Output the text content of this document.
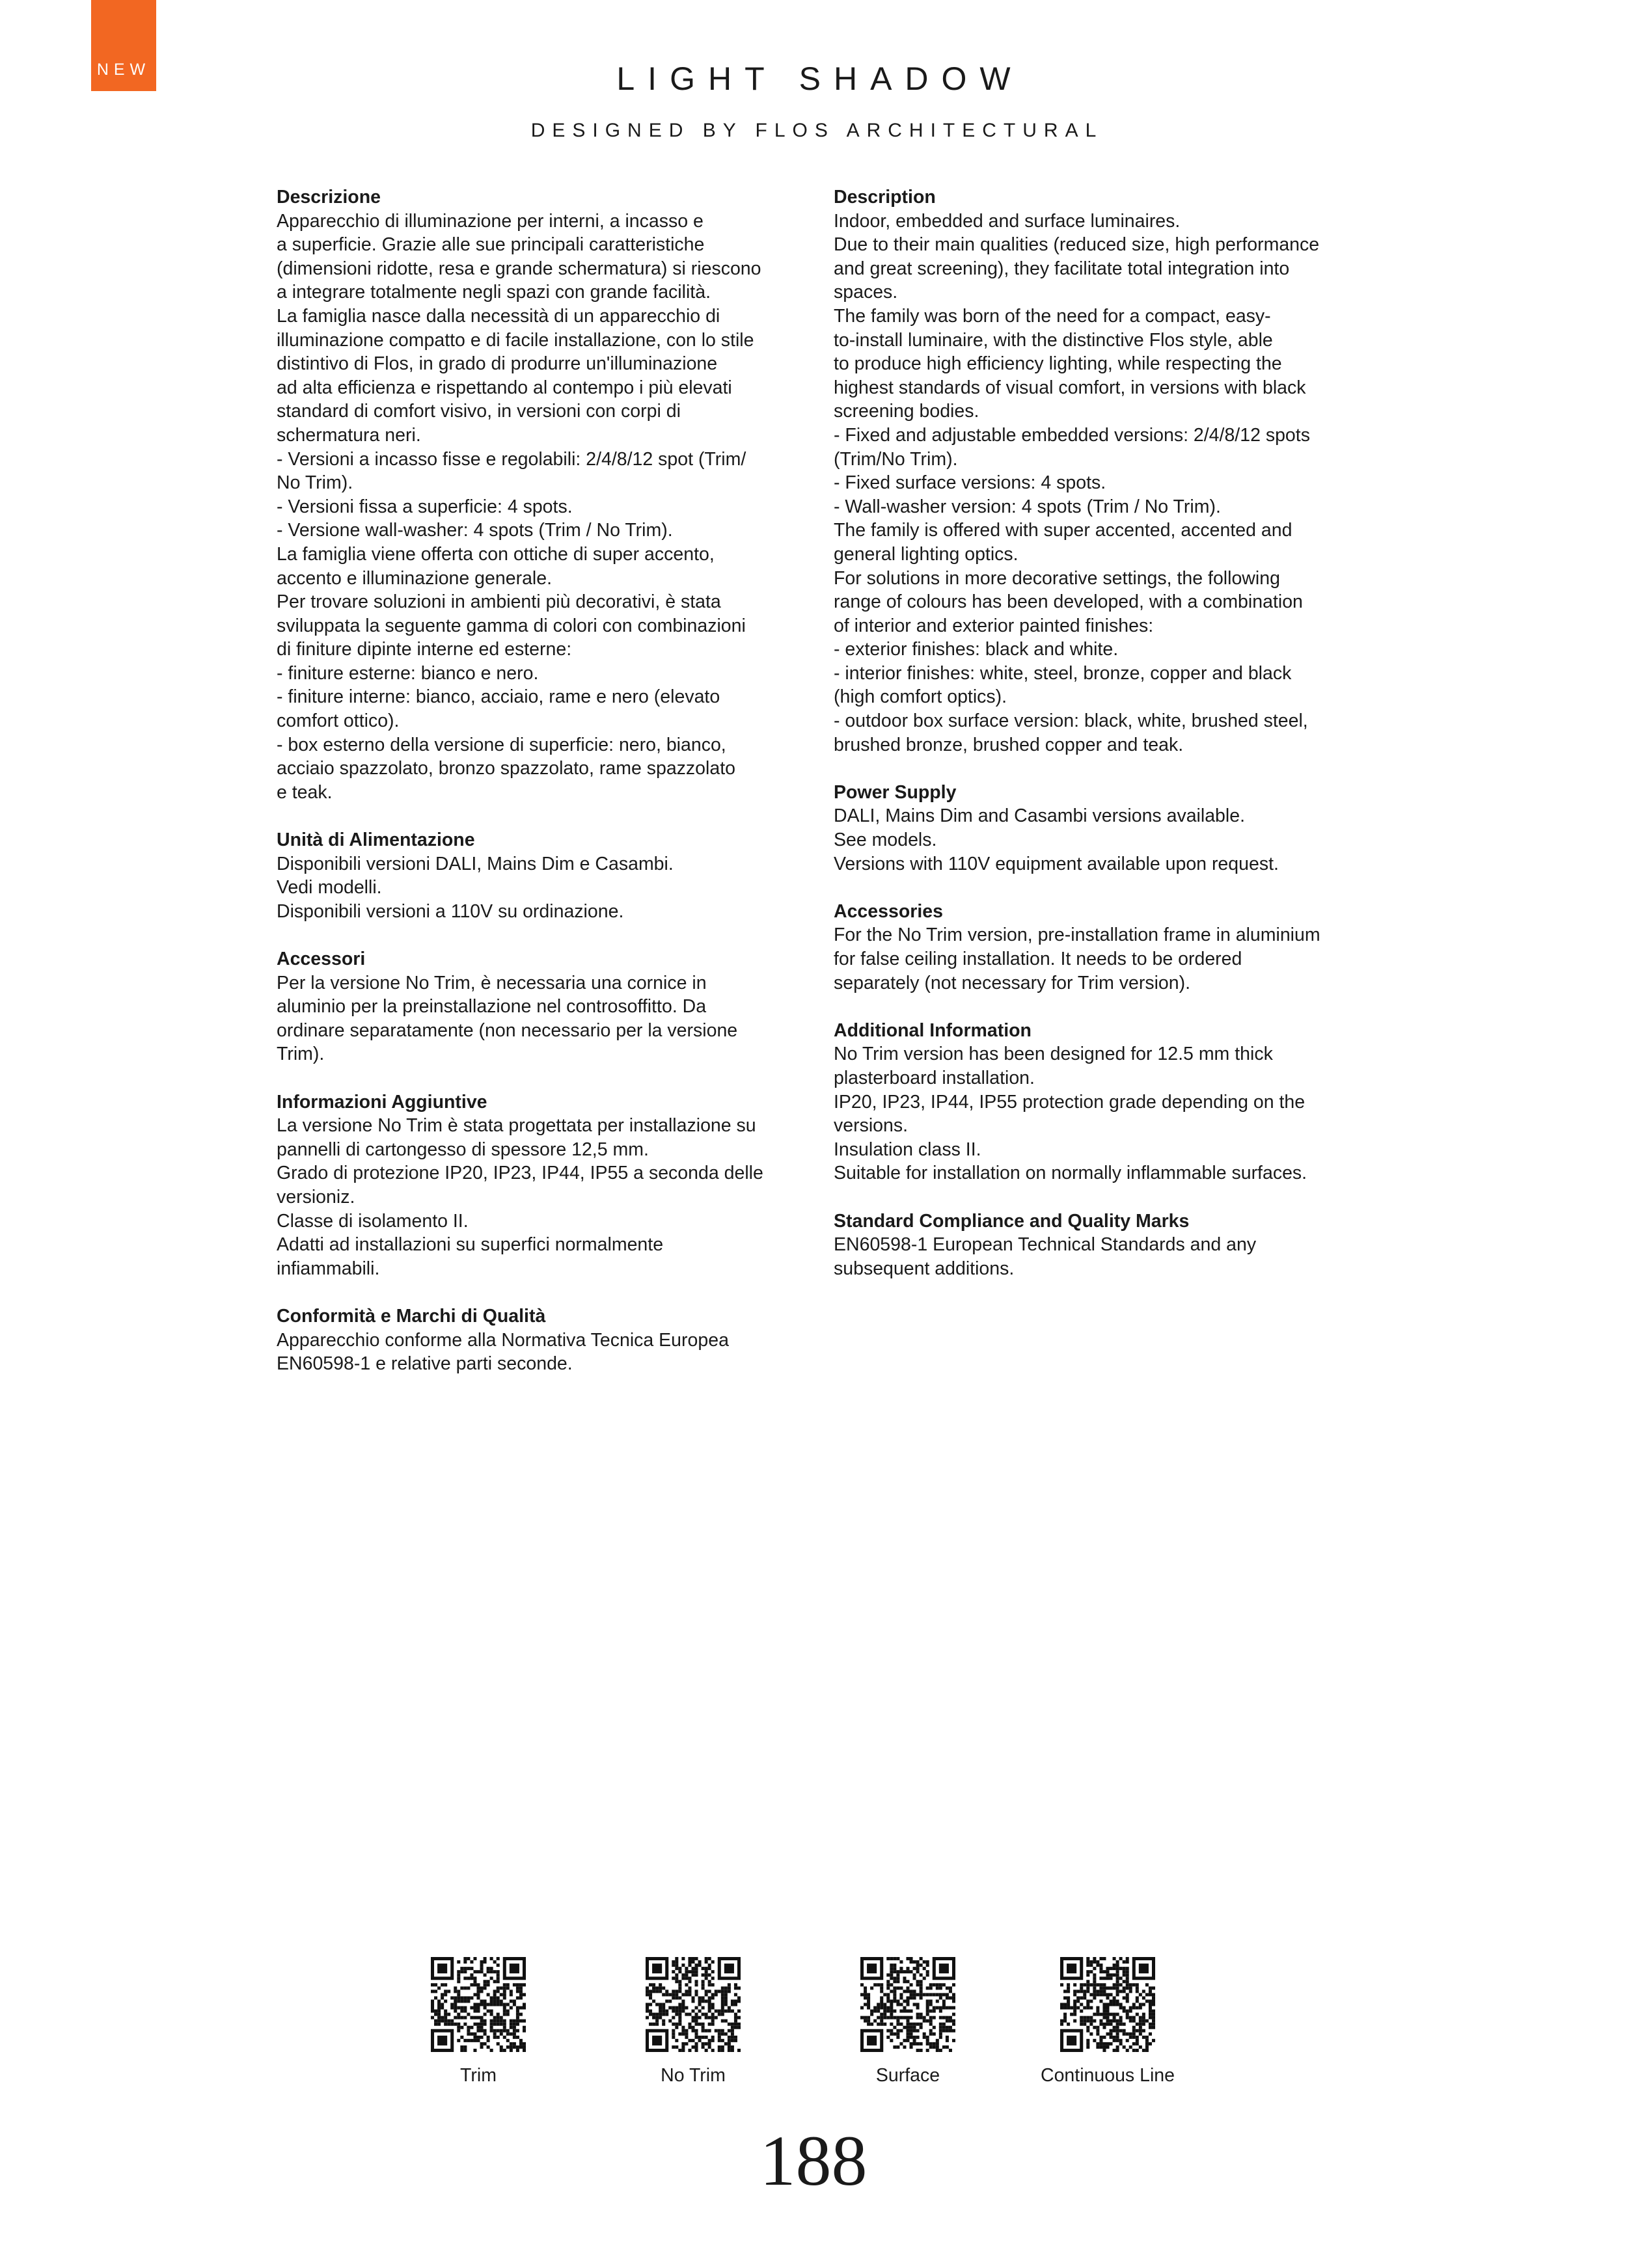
NEW	LIGHT SHADOW
DESIGNED BY FLOS ARCHITECTURAL
Descrizione
Apparecchio di illuminazione per interni, a incasso e
a superficie. Grazie alle sue principali caratteristiche
(dimensioni ridotte, resa e grande schermatura) si riescono
a integrare totalmente negli spazi con grande facilità.
La famiglia nasce dalla necessità di un apparecchio di
illuminazione compatto e di facile installazione, con lo stile
distintivo di Flos, in grado di produrre un'illuminazione
ad alta efficienza e rispettando al contempo i più elevati
standard di comfort visivo, in versioni con corpi di
schermatura neri.
- Versioni a incasso fisse e regolabili: 2/4/8/12 spot (Trim/
No Trim).
- Versioni fissa a superficie: 4 spots.
- Versione wall-washer: 4 spots (Trim / No Trim).
La famiglia viene offerta con ottiche di super accento,
accento e illuminazione generale.
Per trovare soluzioni in ambienti più decorativi, è stata
sviluppata la seguente gamma di colori con combinazioni
di finiture dipinte interne ed esterne:
- finiture esterne: bianco e nero.
- finiture interne: bianco, acciaio, rame e nero (elevato
comfort ottico).
- box esterno della versione di superficie: nero, bianco,
acciaio spazzolato, bronzo spazzolato, rame spazzolato
e teak.
Unità di Alimentazione
Disponibili versioni DALI, Mains Dim e Casambi.
Vedi modelli.
Disponibili versioni a 110V su ordinazione.
Accessori
Per la versione No Trim, è necessaria una cornice in
aluminio per la preinstallazione nel controsoffitto. Da
ordinare separatamente (non necessario per la versione
Trim).
Informazioni Aggiuntive
La versione No Trim è stata progettata per installazione su
pannelli di cartongesso di spessore 12,5 mm.
Grado di protezione IP20, IP23, IP44, IP55 a seconda delle
versioniz.
Classe di isolamento II.
Adatti ad installazioni su superfici normalmente
infiammabili.
Conformità e Marchi di Qualità
Apparecchio conforme alla Normativa Tecnica Europea
EN60598-1 e relative parti seconde.
Description
Indoor, embedded and surface luminaires.
Due to their main qualities (reduced size, high performance
and great screening), they facilitate total integration into
spaces.
The family was born of the need for a compact, easy-
to-install luminaire, with the distinctive Flos style, able
to produce high efficiency lighting, while respecting the
highest standards of visual comfort, in versions with black
screening bodies.
- Fixed and adjustable embedded versions: 2/4/8/12 spots
(Trim/No Trim).
- Fixed surface versions: 4 spots.
- Wall-washer version: 4 spots (Trim / No Trim).
The family is offered with super accented, accented and
general lighting optics.
For solutions in more decorative settings, the following
range of colours has been developed, with a combination
of interior and exterior painted finishes:
- exterior finishes: black and white.
- interior finishes: white, steel, bronze, copper and black
(high comfort optics).
- outdoor box surface version: black, white, brushed steel,
brushed bronze, brushed copper and teak.
Power Supply
DALI, Mains Dim and Casambi versions available.
See models.
Versions with 110V equipment available upon request.
Accessories
For the No Trim version, pre-installation frame in aluminium
for false ceiling installation. It needs to be ordered
separately (not necessary for Trim version).
Additional Information
No Trim version has been designed for 12.5 mm thick
plasterboard installation.
IP20, IP23, IP44, IP55 protection grade depending on the
versions.
Insulation class II.
Suitable for installation on normally inflammable surfaces.
Standard Compliance and Quality Marks
EN60598-1 European Technical Standards and any
subsequent additions.
Trim	No Trim	Surface	Continuous Line
188
